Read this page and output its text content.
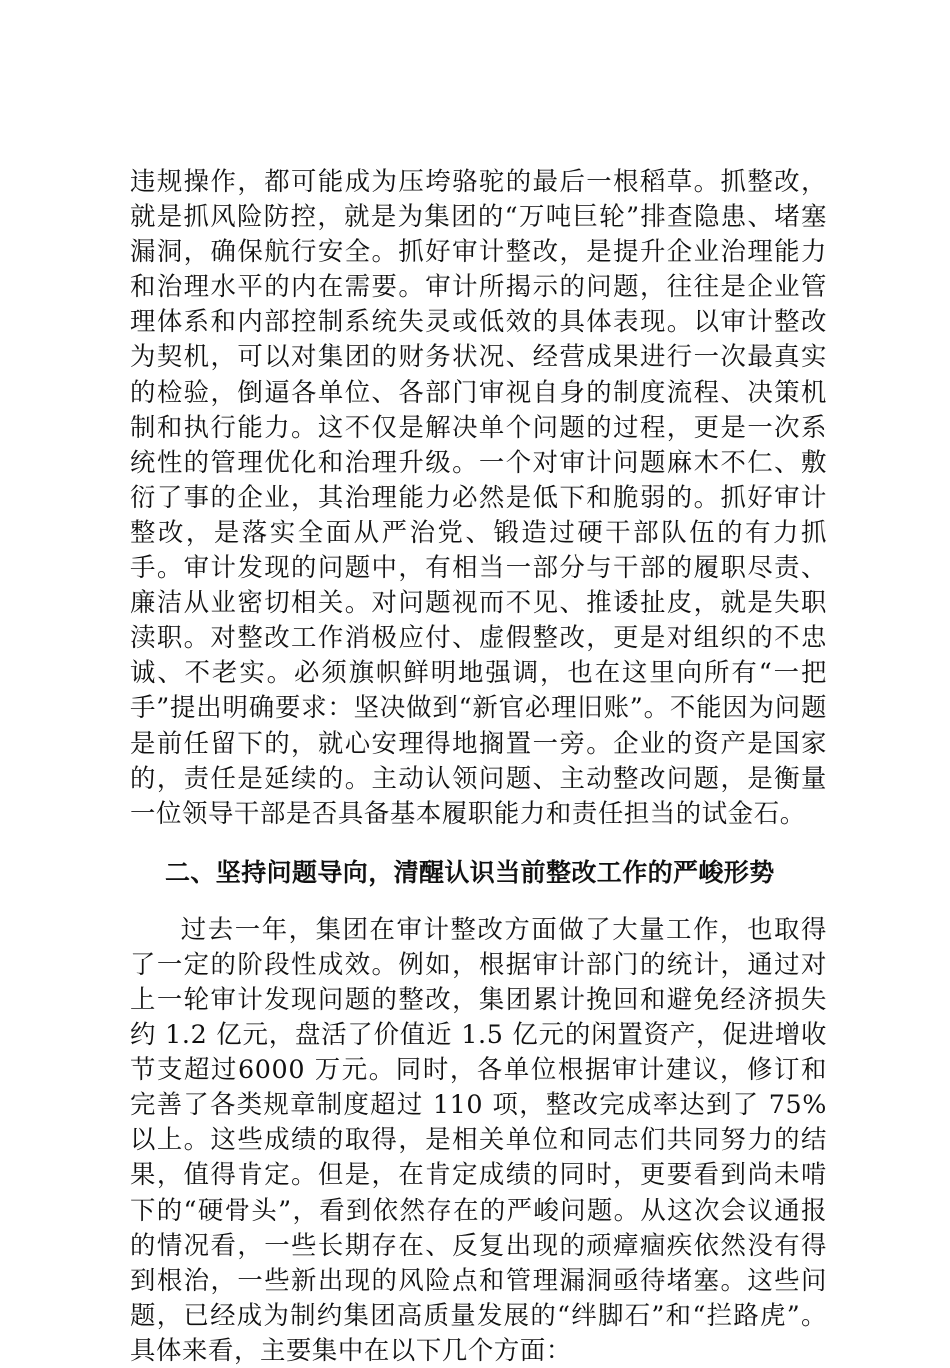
违规操作，都可能成为压垮骆驼的最后一根稻草。抓整改，就是抓风险防控，就是为集团的“万吨巨轮”排查隐患、堵塞漏洞，确保航行安全。抓好审计整改，是提升企业治理能力和治理水平的内在需要。审计所揭示的问题，往往是企业管理体系和内部控制系统失灵或低效的具体表现。以审计整改为契机，可以对集团的财务状况、经营成果进行一次最真实的检验，倒逼各单位、各部门审视自身的制度流程、决策机制和执行能力。这不仅是解决单个问题的过程，更是一次系统性的管理优化和治理升级。一个对审计问题麻木不仁、敷衍了事的企业，其治理能力必然是低下和脆弱的。抓好审计整改，是落实全面从严治党、锻造过硬干部队伍的有力抓手。审计发现的问题中，有相当一部分与干部的履职尽责、廉洁从业密切相关。对问题视而不见、推诿扯皮，就是失职渎职。对整改工作消极应付、虚假整改，更是对组织的不忠诚、不老实。必须旗帜鲜明地强调，也在这里向所有“一把手”提出明确要求：坚决做到“新官必理旧账”。不能因为问题是前任留下的，就心安理得地搁置一旁。企业的资产是国家的，责任是延续的。主动认领问题、主动整改问题，是衡量一位领导干部是否具备基本履职能力和责任担当的试金石。

二、坚持问题导向，清醒认识当前整改工作的严峻形势

过去一年，集团在审计整改方面做了大量工作，也取得了一定的阶段性成效。例如，根据审计部门的统计，通过对上一轮审计发现问题的整改，集团累计挽回和避免经济损失约 1.2 亿元，盘活了价值近 1.5 亿元的闲置资产，促进增收节支超过6000 万元。同时，各单位根据审计建议，修订和完善了各类规章制度超过 110 项，整改完成率达到了 75%以上。这些成绩的取得，是相关单位和同志们共同努力的结果，值得肯定。但是，在肯定成绩的同时，更要看到尚未啃下的“硬骨头”，看到依然存在的严峻问题。从这次会议通报的情况看，一些长期存在、反复出现的顽瘴痼疾依然没有得到根治，一些新出现的风险点和管理漏洞亟待堵塞。这些问题，已经成为制约集团高质量发展的“绊脚石”和“拦路虎”。具体来看，主要集中在以下几个方面：
